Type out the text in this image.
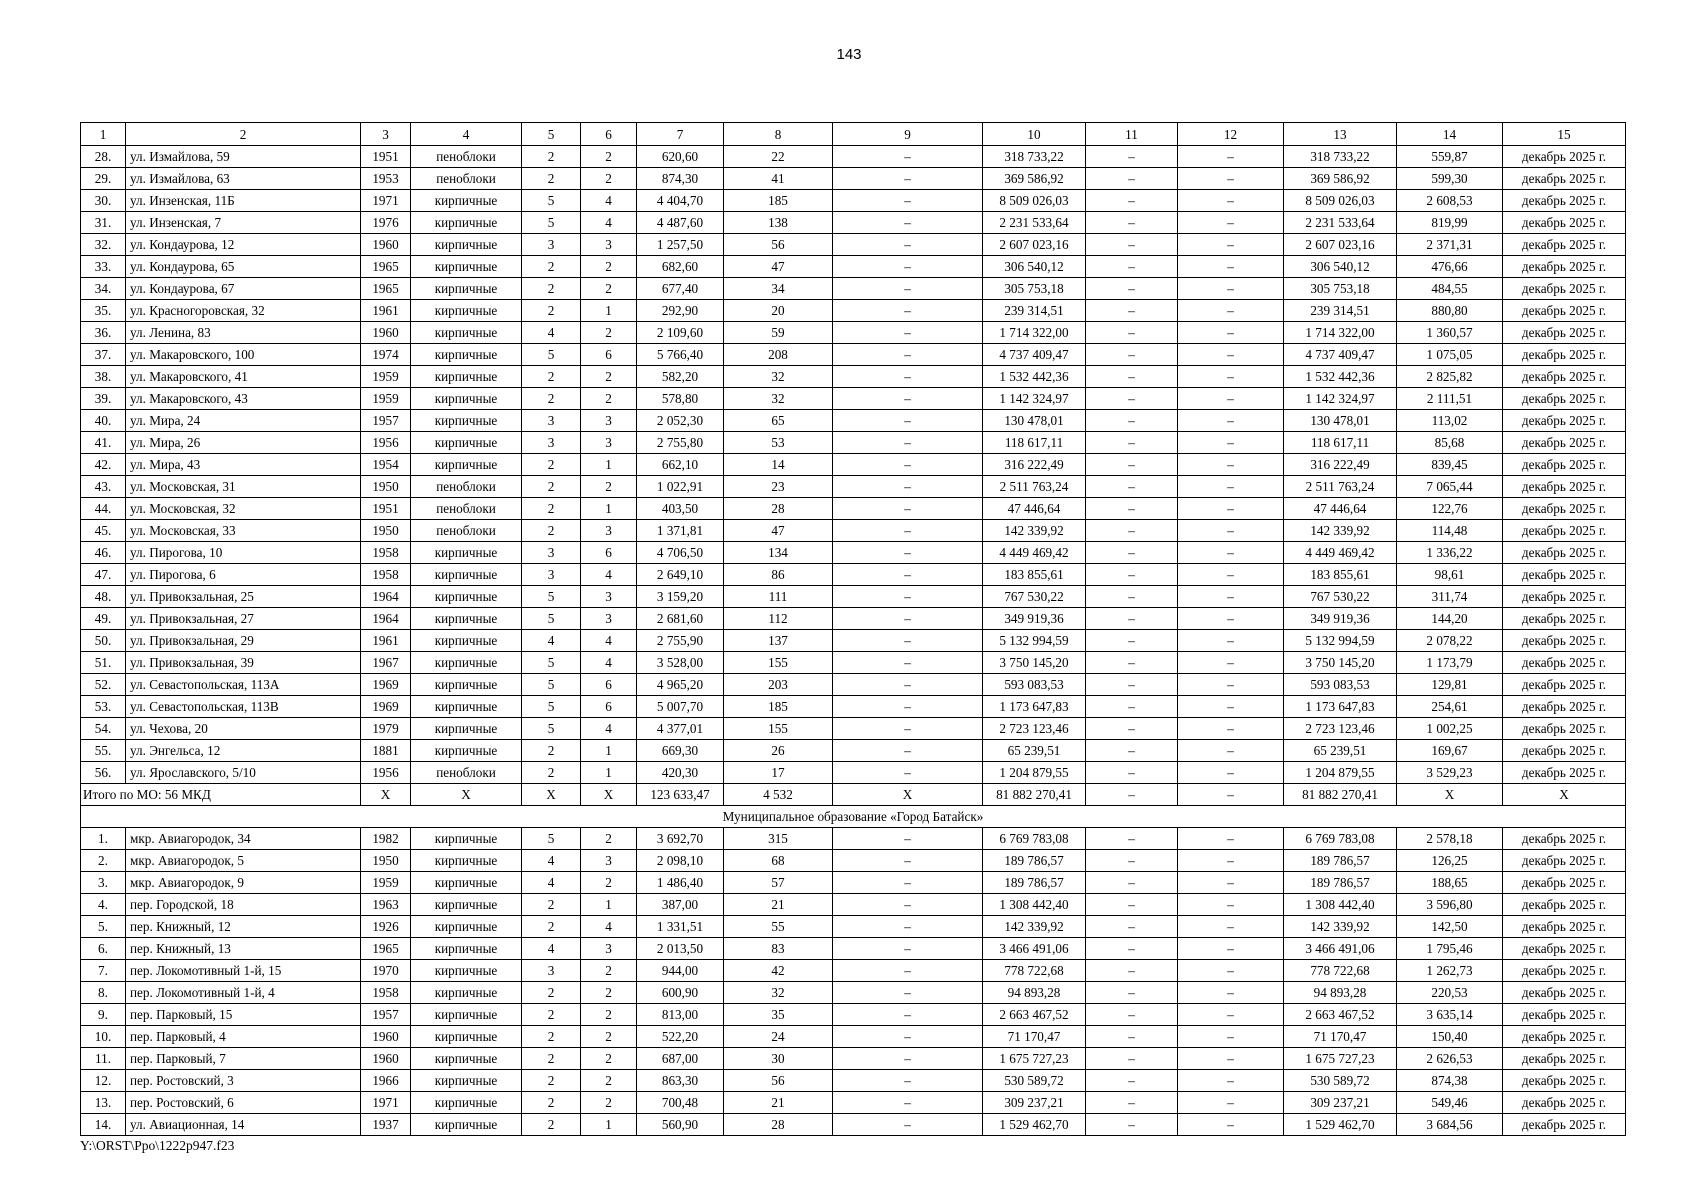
143
1	2	3	4	5	6	7	8	9	10	11	12	13	14	15
28.	ул. Измайлова, 59	1951	пеноблоки	2	2	620,60	22	–	318 733,22	–	–	318 733,22	559,87	декабрь 2025 г.
29.	ул. Измайлова, 63	1953	пеноблоки	2	2	874,30	41	–	369 586,92	–	–	369 586,92	599,30	декабрь 2025 г.
30.	ул. Инзенская, 11Б	1971	кирпичные	5	4	4 404,70	185	–	8 509 026,03	–	–	8 509 026,03	2 608,53	декабрь 2025 г.
31.	ул. Инзенская, 7	1976	кирпичные	5	4	4 487,60	138	–	2 231 533,64	–	–	2 231 533,64	819,99	декабрь 2025 г.
32.	ул. Кондаурова, 12	1960	кирпичные	3	3	1 257,50	56	–	2 607 023,16	–	–	2 607 023,16	2 371,31	декабрь 2025 г.
33.	ул. Кондаурова, 65	1965	кирпичные	2	2	682,60	47	–	306 540,12	–	–	306 540,12	476,66	декабрь 2025 г.
34.	ул. Кондаурова, 67	1965	кирпичные	2	2	677,40	34	–	305 753,18	–	–	305 753,18	484,55	декабрь 2025 г.
35.	ул. Красногоровская, 32	1961	кирпичные	2	1	292,90	20	–	239 314,51	–	–	239 314,51	880,80	декабрь 2025 г.
36.	ул. Ленина, 83	1960	кирпичные	4	2	2 109,60	59	–	1 714 322,00	–	–	1 714 322,00	1 360,57	декабрь 2025 г.
37.	ул. Макаровского, 100	1974	кирпичные	5	6	5 766,40	208	–	4 737 409,47	–	–	4 737 409,47	1 075,05	декабрь 2025 г.
38.	ул. Макаровского, 41	1959	кирпичные	2	2	582,20	32	–	1 532 442,36	–	–	1 532 442,36	2 825,82	декабрь 2025 г.
39.	ул. Макаровского, 43	1959	кирпичные	2	2	578,80	32	–	1 142 324,97	–	–	1 142 324,97	2 111,51	декабрь 2025 г.
40.	ул. Мира, 24	1957	кирпичные	3	3	2 052,30	65	–	130 478,01	–	–	130 478,01	113,02	декабрь 2025 г.
41.	ул. Мира, 26	1956	кирпичные	3	3	2 755,80	53	–	118 617,11	–	–	118 617,11	85,68	декабрь 2025 г.
42.	ул. Мира, 43	1954	кирпичные	2	1	662,10	14	–	316 222,49	–	–	316 222,49	839,45	декабрь 2025 г.
43.	ул. Московская, 31	1950	пеноблоки	2	2	1 022,91	23	–	2 511 763,24	–	–	2 511 763,24	7 065,44	декабрь 2025 г.
44.	ул. Московская, 32	1951	пеноблоки	2	1	403,50	28	–	47 446,64	–	–	47 446,64	122,76	декабрь 2025 г.
45.	ул. Московская, 33	1950	пеноблоки	2	3	1 371,81	47	–	142 339,92	–	–	142 339,92	114,48	декабрь 2025 г.
46.	ул. Пирогова, 10	1958	кирпичные	3	6	4 706,50	134	–	4 449 469,42	–	–	4 449 469,42	1 336,22	декабрь 2025 г.
47.	ул. Пирогова, 6	1958	кирпичные	3	4	2 649,10	86	–	183 855,61	–	–	183 855,61	98,61	декабрь 2025 г.
48.	ул. Привокзальная, 25	1964	кирпичные	5	3	3 159,20	111	–	767 530,22	–	–	767 530,22	311,74	декабрь 2025 г.
49.	ул. Привокзальная, 27	1964	кирпичные	5	3	2 681,60	112	–	349 919,36	–	–	349 919,36	144,20	декабрь 2025 г.
50.	ул. Привокзальная, 29	1961	кирпичные	4	4	2 755,90	137	–	5 132 994,59	–	–	5 132 994,59	2 078,22	декабрь 2025 г.
51.	ул. Привокзальная, 39	1967	кирпичные	5	4	3 528,00	155	–	3 750 145,20	–	–	3 750 145,20	1 173,79	декабрь 2025 г.
52.	ул. Севастопольская, 113А	1969	кирпичные	5	6	4 965,20	203	–	593 083,53	–	–	593 083,53	129,81	декабрь 2025 г.
53.	ул. Севастопольская, 113В	1969	кирпичные	5	6	5 007,70	185	–	1 173 647,83	–	–	1 173 647,83	254,61	декабрь 2025 г.
54.	ул. Чехова, 20	1979	кирпичные	5	4	4 377,01	155	–	2 723 123,46	–	–	2 723 123,46	1 002,25	декабрь 2025 г.
55.	ул. Энгельса, 12	1881	кирпичные	2	1	669,30	26	–	65 239,51	–	–	65 239,51	169,67	декабрь 2025 г.
56.	ул. Ярославского, 5/10	1956	пеноблоки	2	1	420,30	17	–	1 204 879,55	–	–	1 204 879,55	3 529,23	декабрь 2025 г.
Итого по МО: 56 МКД		Х	Х	Х	Х	123 633,47	4 532	Х	81 882 270,41	–	–	81 882 270,41	Х	Х
Муниципальное образование «Город Батайск»														
1.	мкр. Авиагородок, 34	1982	кирпичные	5	2	3 692,70	315	–	6 769 783,08	–	–	6 769 783,08	2 578,18	декабрь 2025 г.
2.	мкр. Авиагородок, 5	1950	кирпичные	4	3	2 098,10	68	–	189 786,57	–	–	189 786,57	126,25	декабрь 2025 г.
3.	мкр. Авиагородок, 9	1959	кирпичные	4	2	1 486,40	57	–	189 786,57	–	–	189 786,57	188,65	декабрь 2025 г.
4.	пер. Городской, 18	1963	кирпичные	2	1	387,00	21	–	1 308 442,40	–	–	1 308 442,40	3 596,80	декабрь 2025 г.
5.	пер. Книжный, 12	1926	кирпичные	2	4	1 331,51	55	–	142 339,92	–	–	142 339,92	142,50	декабрь 2025 г.
6.	пер. Книжный, 13	1965	кирпичные	4	3	2 013,50	83	–	3 466 491,06	–	–	3 466 491,06	1 795,46	декабрь 2025 г.
7.	пер. Локомотивный 1-й, 15	1970	кирпичные	3	2	944,00	42	–	778 722,68	–	–	778 722,68	1 262,73	декабрь 2025 г.
8.	пер. Локомотивный 1-й, 4	1958	кирпичные	2	2	600,90	32	–	94 893,28	–	–	94 893,28	220,53	декабрь 2025 г.
9.	пер. Парковый, 15	1957	кирпичные	2	2	813,00	35	–	2 663 467,52	–	–	2 663 467,52	3 635,14	декабрь 2025 г.
10.	пер. Парковый, 4	1960	кирпичные	2	2	522,20	24	–	71 170,47	–	–	71 170,47	150,40	декабрь 2025 г.
11.	пер. Парковый, 7	1960	кирпичные	2	2	687,00	30	–	1 675 727,23	–	–	1 675 727,23	2 626,53	декабрь 2025 г.
12.	пер. Ростовский, 3	1966	кирпичные	2	2	863,30	56	–	530 589,72	–	–	530 589,72	874,38	декабрь 2025 г.
13.	пер. Ростовский, 6	1971	кирпичные	2	2	700,48	21	–	309 237,21	–	–	309 237,21	549,46	декабрь 2025 г.
14.	ул. Авиационная, 14	1937	кирпичные	2	1	560,90	28	–	1 529 462,70	–	–	1 529 462,70	3 684,56	декабрь 2025 г.
Y:\ORST\Ppo\1222p947.f23
